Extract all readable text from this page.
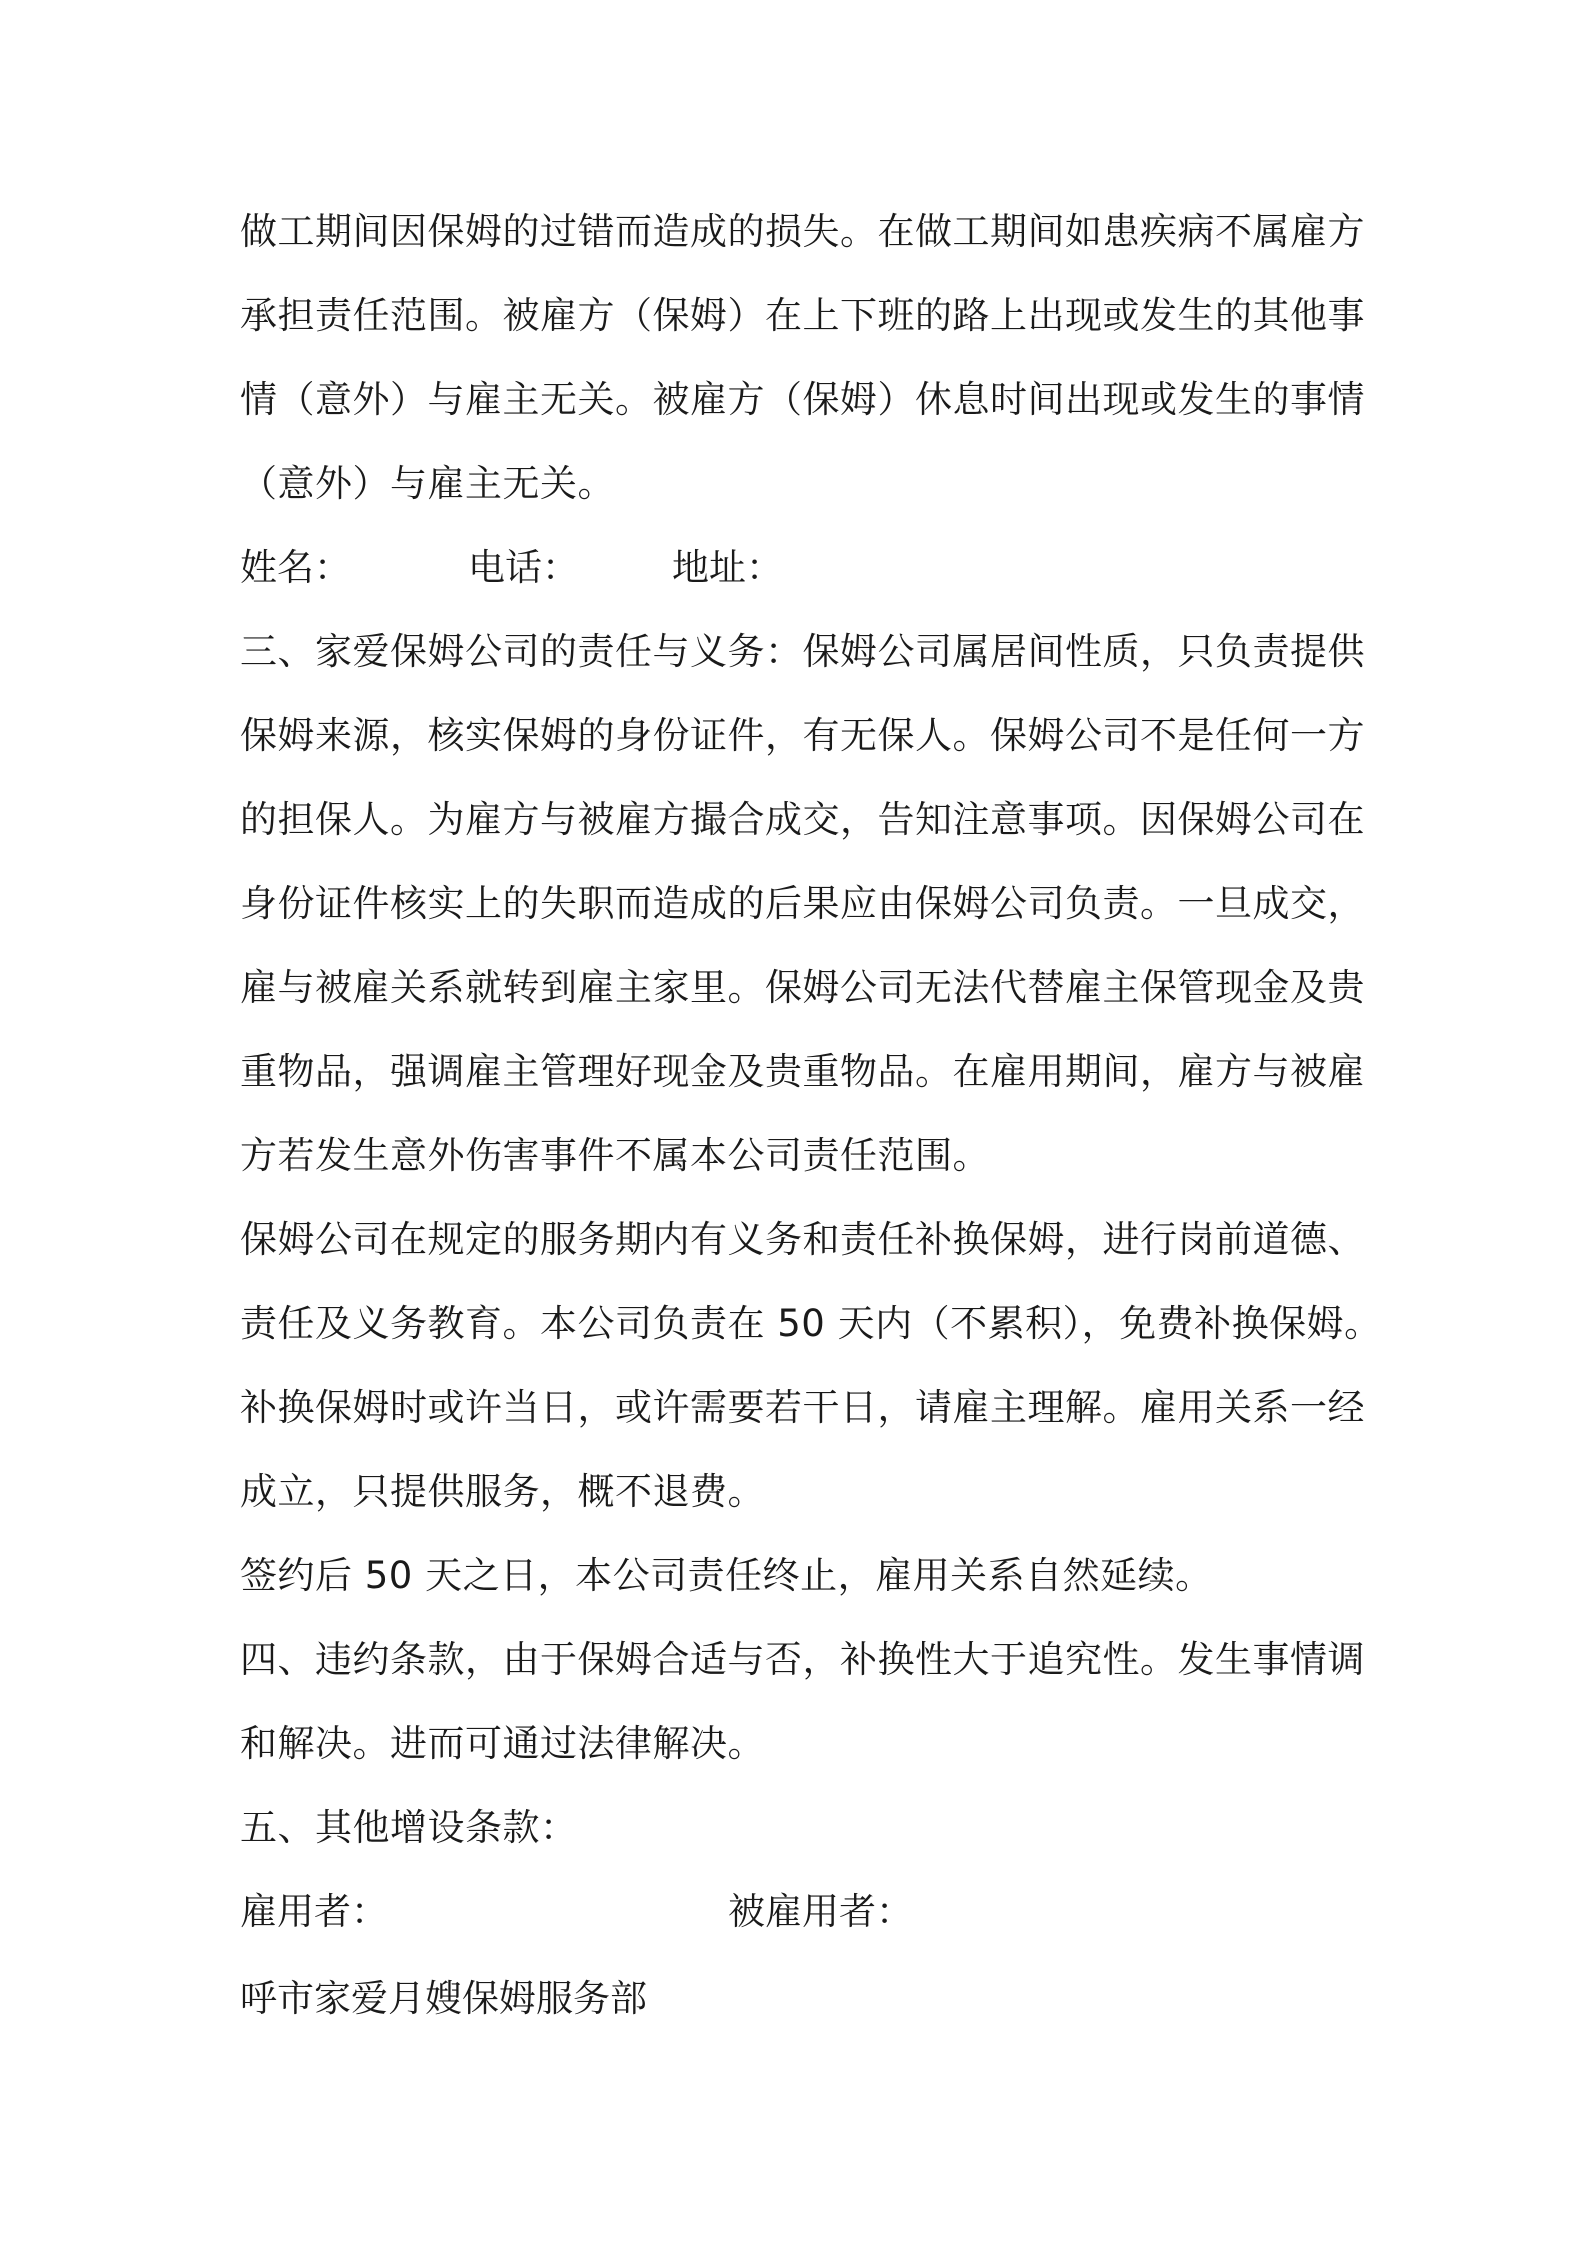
做工期间因保姆的过错而造成的损失。在做工期间如患疾病不属雇方
承担责任范围。被雇方（保姆）在上下班的路上出现或发生的其他事
情（意外）与雇主无关。被雇方（保姆）休息时间出现或发生的事情
（意外）与雇主无关。
姓名：	电话：	地址：
三、家爱保姆公司的责任与义务：保姆公司属居间性质，只负责提供
保姆来源，核实保姆的身份证件，有无保人。保姆公司不是任何一方
的担保人。为雇方与被雇方撮合成交，告知注意事项。因保姆公司在
身份证件核实上的失职而造成的后果应由保姆公司负责。一旦成交，
雇与被雇关系就转到雇主家里。保姆公司无法代替雇主保管现金及贵
重物品，强调雇主管理好现金及贵重物品。在雇用期间，雇方与被雇
方若发生意外伤害事件不属本公司责任范围。
保姆公司在规定的服务期内有义务和责任补换保姆，进行岗前道德、
责任及义务教育。本公司负责在 50 天内（不累积），免费补换保姆。
补换保姆时或许当日，或许需要若干日，请雇主理解。雇用关系一经
成立，只提供服务，概不退费。
签约后 50 天之日，本公司责任终止，雇用关系自然延续。
四、违约条款，由于保姆合适与否，补换性大于追究性。发生事情调
和解决。进而可通过法律解决。
五、其他增设条款：
雇用者：	被雇用者：
呼市家爱月嫂保姆服务部
